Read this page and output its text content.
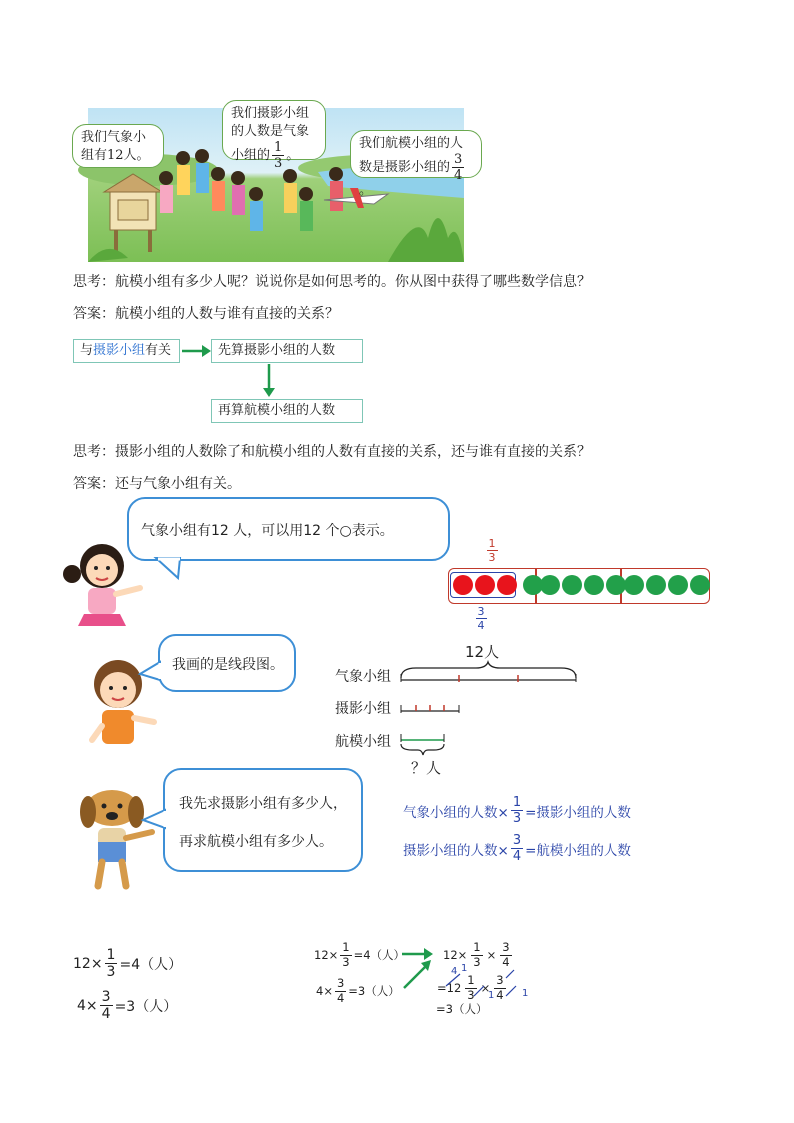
我们气象小组有12人。
我们摄影小组的人数是气象小组的 $\frac{1}{3}$ 。
我们航模小组的人数是摄影小组的 $\frac{3}{4}$
。
思考：航模小组有多少人呢？说说你是如何思考的。你从图中获得了哪些数学信息？
答案：航模小组的人数与谁有直接的关系？
与摄影小组有关	先算摄影小组的人数
再算航模小组的人数
思考：摄影小组的人数除了和航模小组的人数有直接的关系，还与谁有直接的关系？
答案：还与气象小组有关。
气象小组有12 人，可以用12 个○表示。
$\frac{1}{3}$
$\frac{3}{4}$
我画的是线段图。
12人
气象小组
摄影小组
航模小组
？人
我先求摄影小组有多少人，
再求航模小组有多少人。
气象小组的人数× $\frac{1}{3}$ =摄影小组的人数
摄影小组的人数× $\frac{3}{4}$ =航模小组的人数
$12\times \frac{1}{3} =4$（人）
$4\times \frac{3}{4} =3$（人）
$12\times \frac{1}{3} =4$（人）
$4\times \frac{3}{4} =3$（人）
$12\times \frac{1}{3} \times \frac{3}{4}$
$=12 \frac{1}{3} \times \frac{3}{4}$
4 1
1	1
=3（人）
